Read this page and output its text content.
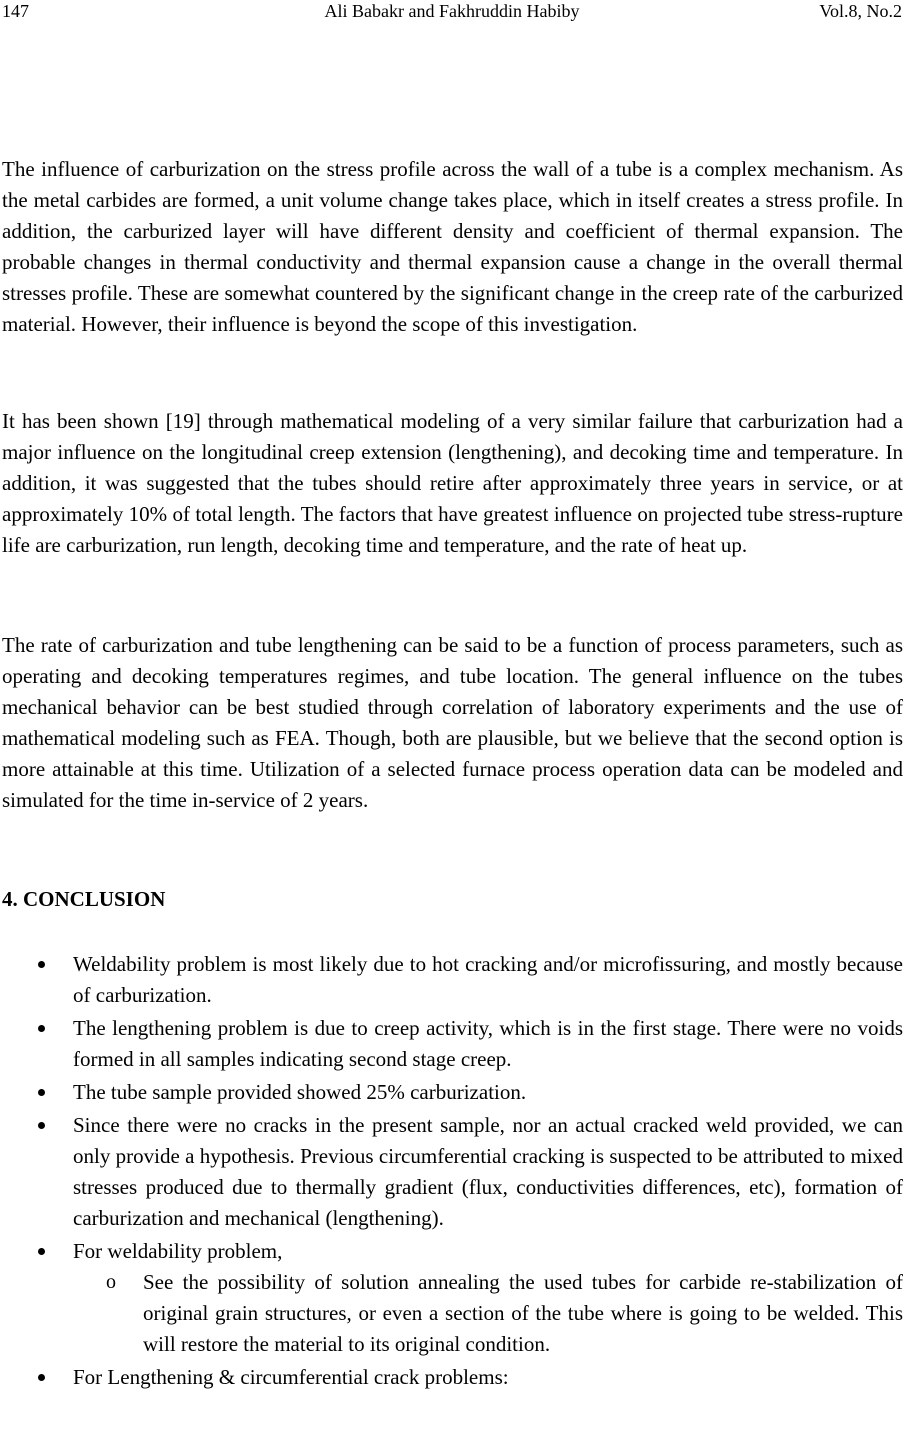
147	Ali Babakr and Fakhruddin Habiby	Vol.8, No.2

The influence of carburization on the stress profile across the wall of a tube is a complex mechanism. As the metal carbides are formed, a unit volume change takes place, which in itself creates a stress profile. In addition, the carburized layer will have different density and coefficient of thermal expansion. The probable changes in thermal conductivity and thermal expansion cause a change in the overall thermal stresses profile. These are somewhat countered by the significant change in the creep rate of the carburized material. However, their influence is beyond the scope of this investigation.

It has been shown [19] through mathematical modeling of a very similar failure that carburization had a major influence on the longitudinal creep extension (lengthening), and decoking time and temperature. In addition, it was suggested that the tubes should retire after approximately three years in service, or at approximately 10% of total length. The factors that have greatest influence on projected tube stress-rupture life are carburization, run length, decoking time and temperature, and the rate of heat up.

The rate of carburization and tube lengthening can be said to be a function of process parameters, such as operating and decoking temperatures regimes, and tube location. The general influence on the tubes mechanical behavior can be best studied through correlation of laboratory experiments and the use of mathematical modeling such as FEA. Though, both are plausible, but we believe that the second option is more attainable at this time. Utilization of a selected furnace process operation data can be modeled and simulated for the time in-service of 2 years.

4. CONCLUSION
Weldability problem is most likely due to hot cracking and/or microfissuring, and mostly because of carburization.
The lengthening problem is due to creep activity, which is in the first stage. There were no voids formed in all samples indicating second stage creep.
The tube sample provided showed 25% carburization.
Since there were no cracks in the present sample, nor an actual cracked weld provided, we can only provide a hypothesis. Previous circumferential cracking is suspected to be attributed to mixed stresses produced due to thermally gradient (flux, conductivities differences, etc), formation of carburization and mechanical (lengthening).
For weldability problem,
o See the possibility of solution annealing the used tubes for carbide re-stabilization of original grain structures, or even a section of the tube where is going to be welded. This will restore the material to its original condition.
For Lengthening & circumferential crack problems:
